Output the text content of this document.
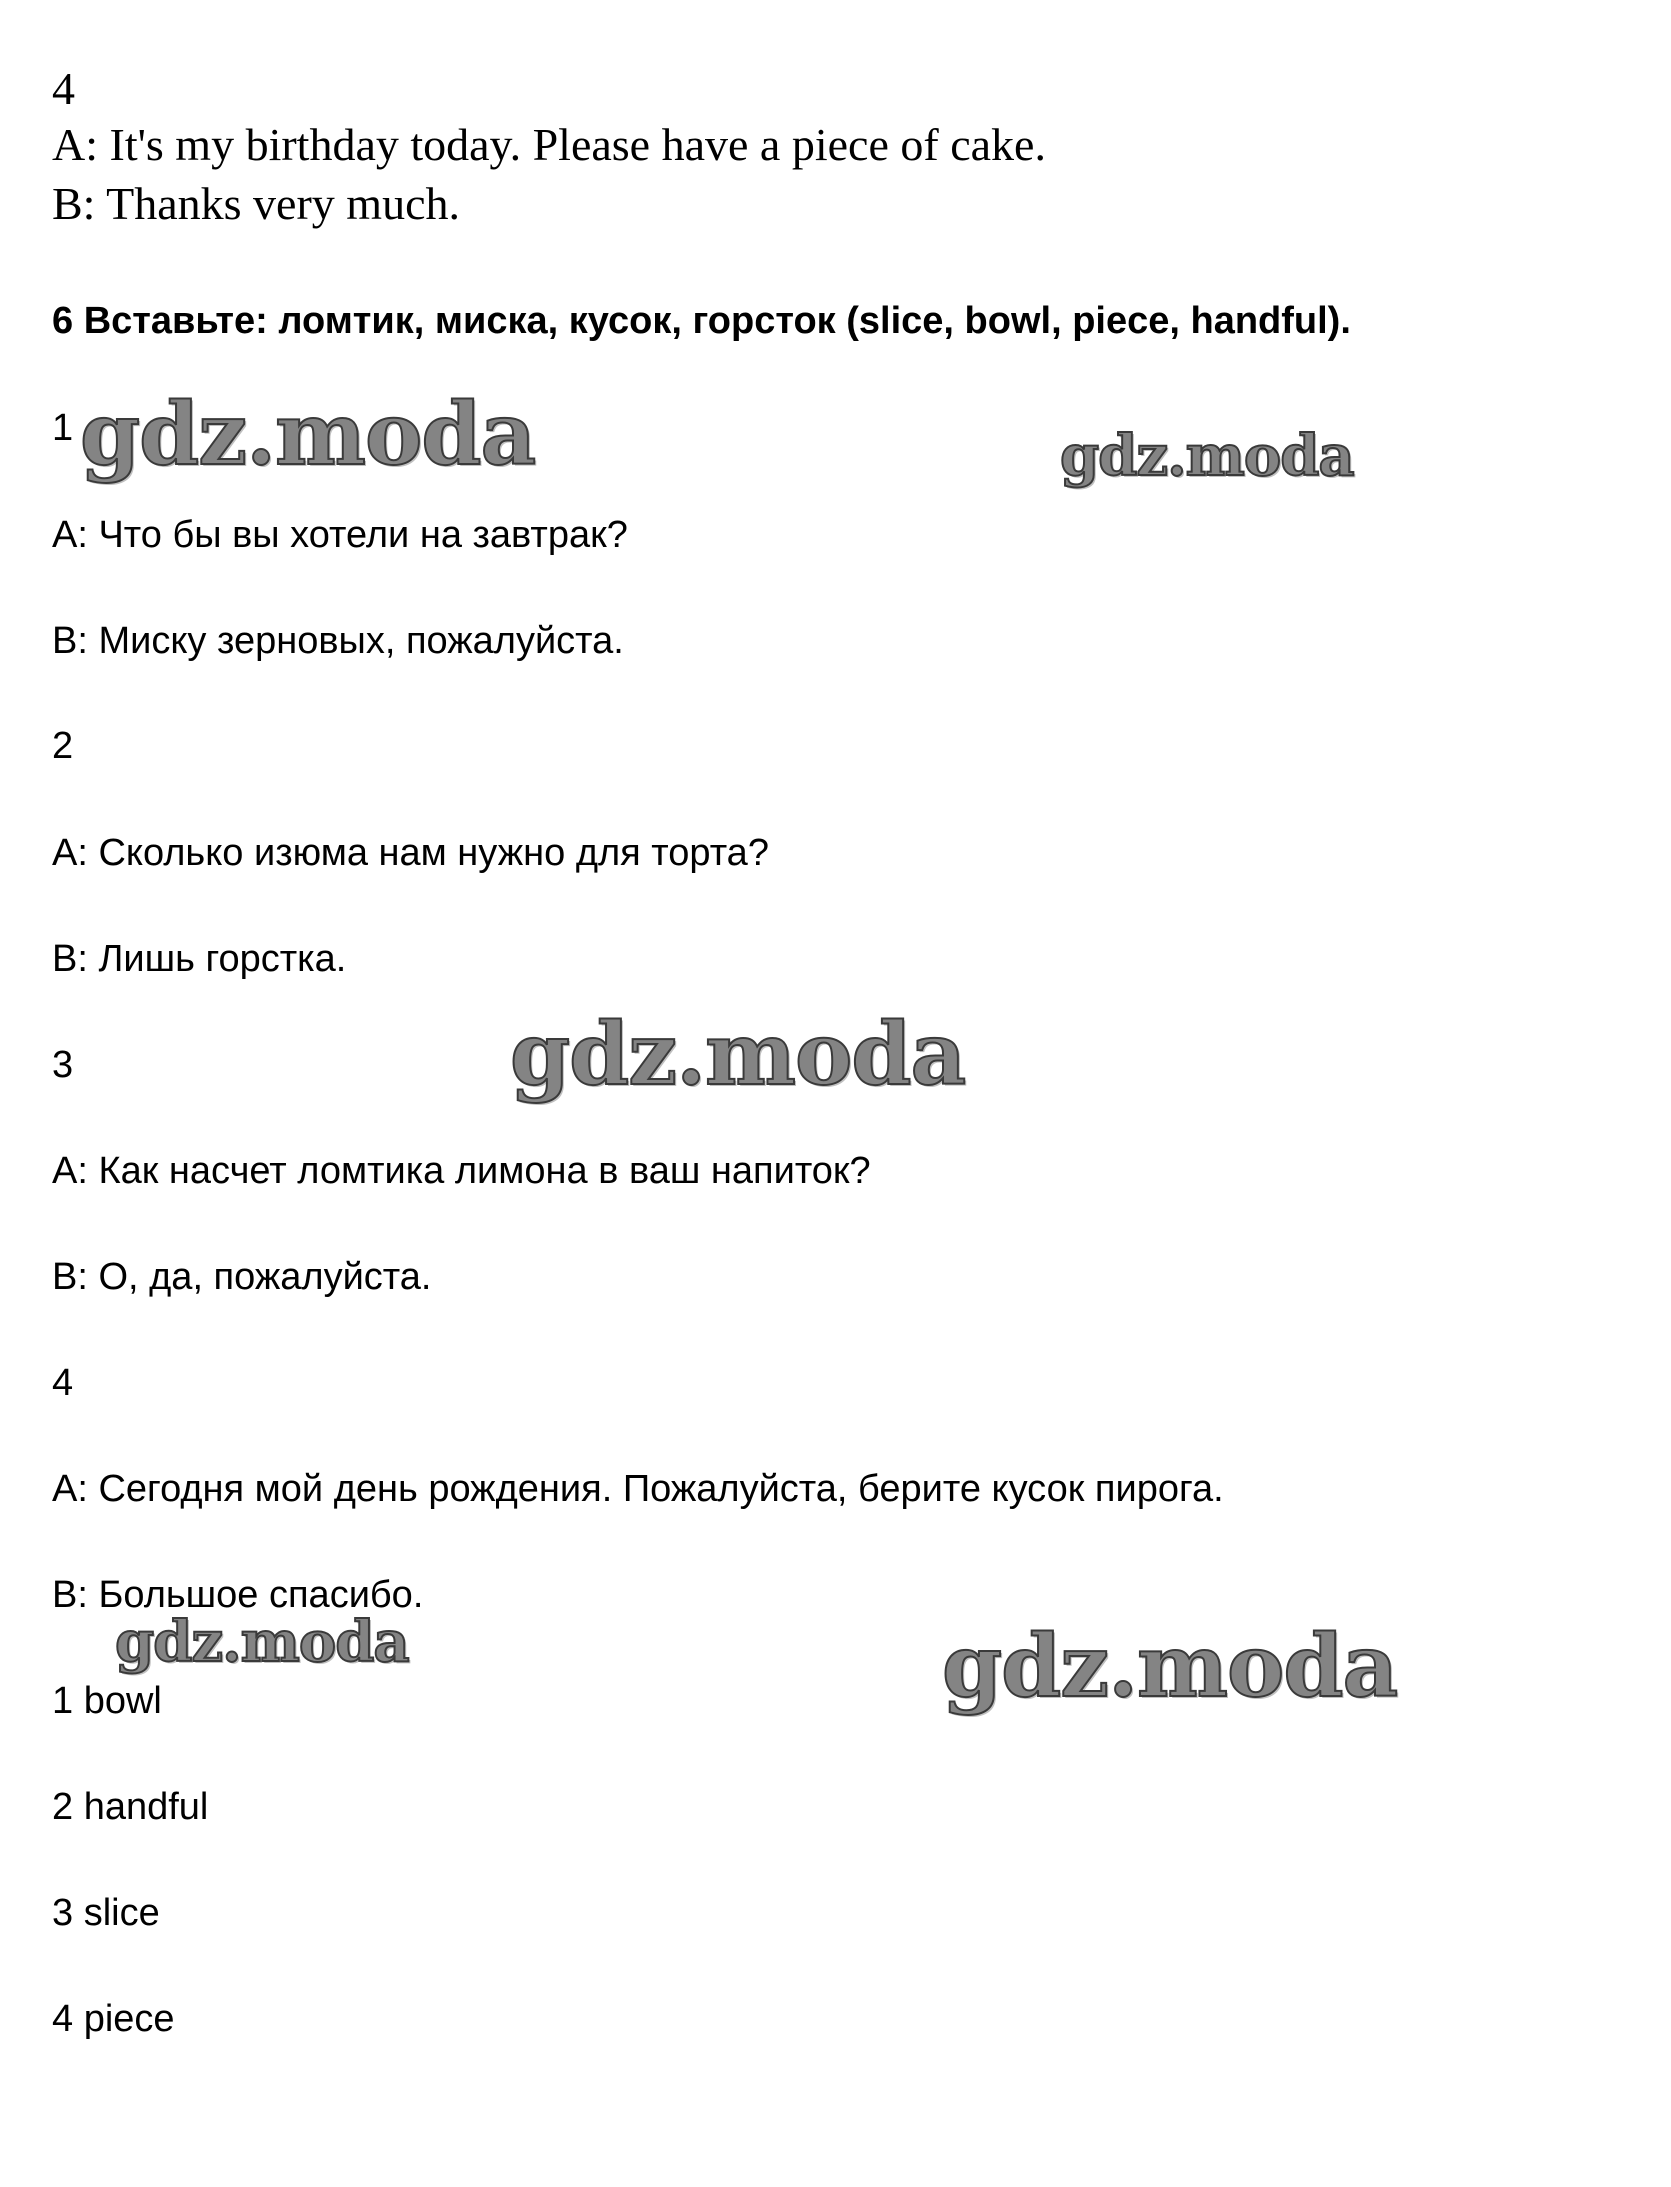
4
A: It's my birthday today. Please have a piece of cake.
B: Thanks very much.
6 Вставьте: ломтик, миска, кусок, горсток (slice, bowl, piece, handful).
1
A: Что бы вы хотели на завтрак?
B: Миску зерновых, пожалуйста.
2
A: Сколько изюма нам нужно для торта?
B: Лишь горстка.
3
A: Как насчет ломтика лимона в ваш напиток?
B: О, да, пожалуйста.
4
A: Сегодня мой день рождения. Пожалуйста, берите кусок пирога.
B: Большое спасибо.
1 bowl
2 handful
3 slice
4 piece
gdz.moda	gdz.moda
gdz.moda
gdz.moda	gdz.moda
